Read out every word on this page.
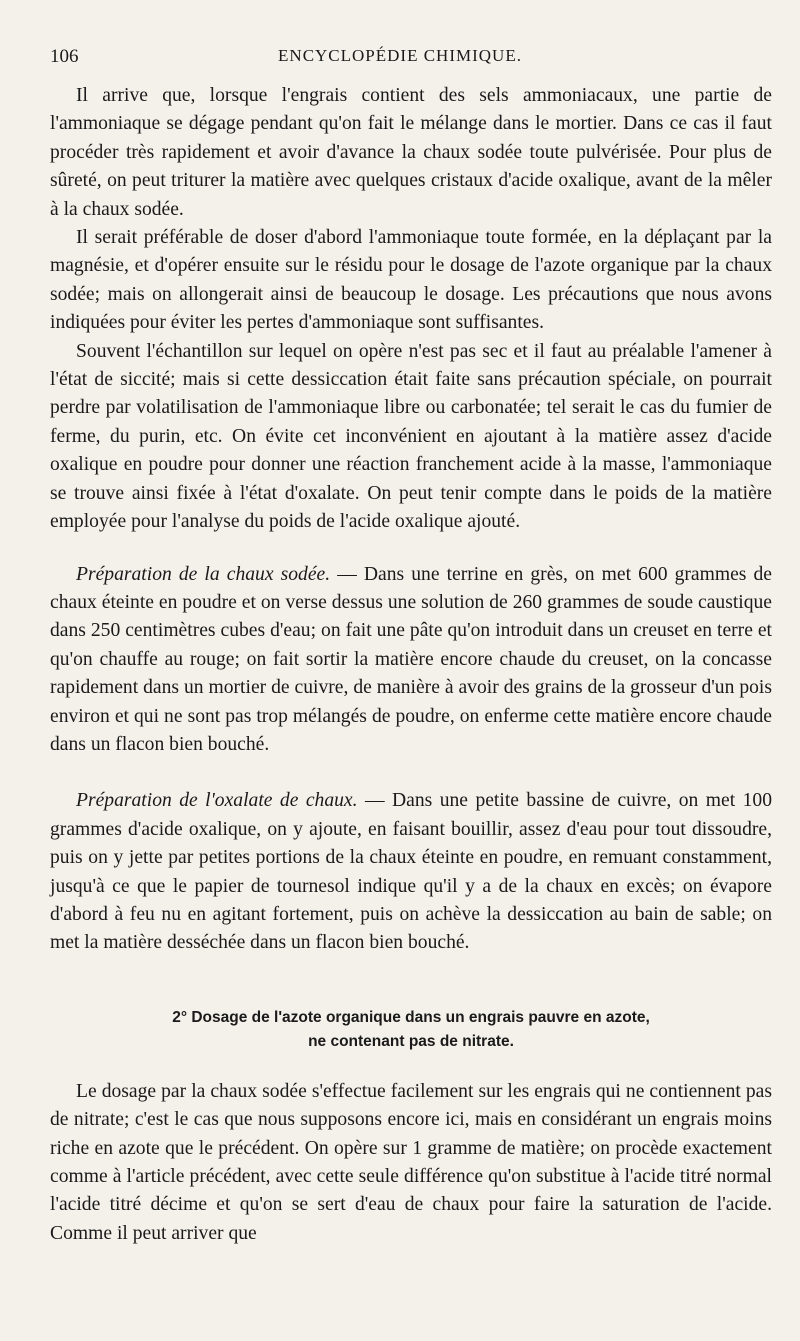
106	ENCYCLOPÉDIE CHIMIQUE.

Il arrive que, lorsque l'engrais contient des sels ammoniacaux, une partie de l'ammoniaque se dégage pendant qu'on fait le mélange dans le mortier. Dans ce cas il faut procéder très rapidement et avoir d'avance la chaux sodée toute pulvérisée. Pour plus de sûreté, on peut triturer la matière avec quelques cristaux d'acide oxalique, avant de la mêler à la chaux sodée.

Il serait préférable de doser d'abord l'ammoniaque toute formée, en la déplaçant par la magnésie, et d'opérer ensuite sur le résidu pour le dosage de l'azote organique par la chaux sodée; mais on allongerait ainsi de beaucoup le dosage. Les précautions que nous avons indiquées pour éviter les pertes d'ammoniaque sont suffisantes.

Souvent l'échantillon sur lequel on opère n'est pas sec et il faut au préalable l'amener à l'état de siccité; mais si cette dessiccation était faite sans précaution spéciale, on pourrait perdre par volatilisation de l'ammoniaque libre ou carbonatée; tel serait le cas du fumier de ferme, du purin, etc. On évite cet inconvénient en ajoutant à la matière assez d'acide oxalique en poudre pour donner une réaction franchement acide à la masse, l'ammoniaque se trouve ainsi fixée à l'état d'oxalate. On peut tenir compte dans le poids de la matière employée pour l'analyse du poids de l'acide oxalique ajouté.

Préparation de la chaux sodée. — Dans une terrine en grès, on met 600 grammes de chaux éteinte en poudre et on verse dessus une solution de 260 grammes de soude caustique dans 250 centimètres cubes d'eau; on fait une pâte qu'on introduit dans un creuset en terre et qu'on chauffe au rouge; on fait sortir la matière encore chaude du creuset, on la concasse rapidement dans un mortier de cuivre, de manière à avoir des grains de la grosseur d'un pois environ et qui ne sont pas trop mélangés de poudre, on enferme cette matière encore chaude dans un flacon bien bouché.

Préparation de l'oxalate de chaux. — Dans une petite bassine de cuivre, on met 100 grammes d'acide oxalique, on y ajoute, en faisant bouillir, assez d'eau pour tout dissoudre, puis on y jette par petites portions de la chaux éteinte en poudre, en remuant constamment, jusqu'à ce que le papier de tournesol indique qu'il y a de la chaux en excès; on évapore d'abord à feu nu en agitant fortement, puis on achève la dessiccation au bain de sable; on met la matière desséchée dans un flacon bien bouché.

2° Dosage de l'azote organique dans un engrais pauvre en azote,
ne contenant pas de nitrate.

Le dosage par la chaux sodée s'effectue facilement sur les engrais qui ne contiennent pas de nitrate; c'est le cas que nous supposons encore ici, mais en considérant un engrais moins riche en azote que le précédent. On opère sur 1 gramme de matière; on procède exactement comme à l'article précédent, avec cette seule différence qu'on substitue à l'acide titré normal l'acide titré décime et qu'on se sert d'eau de chaux pour faire la saturation de l'acide. Comme il peut arriver que
